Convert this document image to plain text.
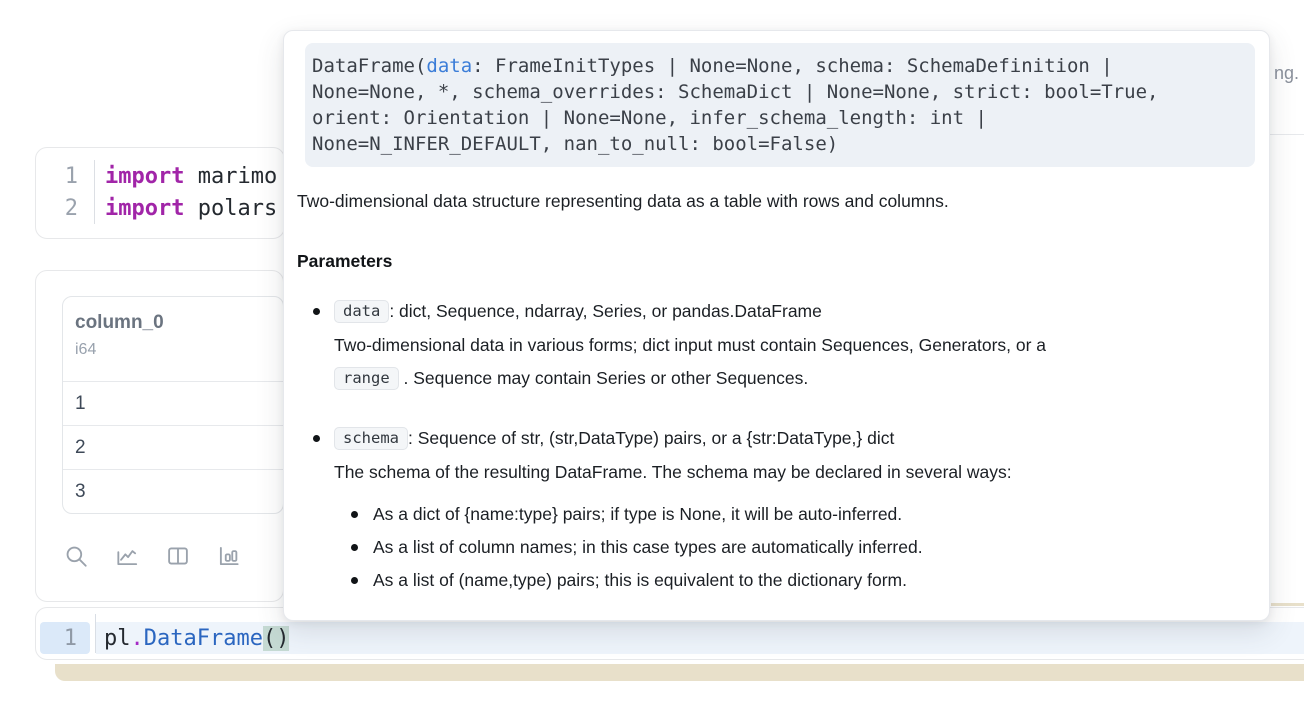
ng.
1
2
import marimo
import polars
column_0
i64
1
2
3
1	pl . DataFrame ()
DataFrame(data: FrameInitTypes | None=None, schema: SchemaDefinition |
None=None, *, schema_overrides: SchemaDict | None=None, strict: bool=True,
orient: Orientation | None=None, infer_schema_length: int |
None=N_INFER_DEFAULT, nan_to_null: bool=False)
Two-dimensional data structure representing data as a table with rows and columns.
Parameters
data : dict, Sequence, ndarray, Series, or pandas.DataFrame
Two-dimensional data in various forms; dict input must contain Sequences, Generators, or a range . Sequence may contain Series or other Sequences.
schema : Sequence of str, (str,DataType) pairs, or a {str:DataType,} dict
The schema of the resulting DataFrame. The schema may be declared in several ways:
As a dict of {name:type} pairs; if type is None, it will be auto-inferred.
As a list of column names; in this case types are automatically inferred.
As a list of (name,type) pairs; this is equivalent to the dictionary form.
